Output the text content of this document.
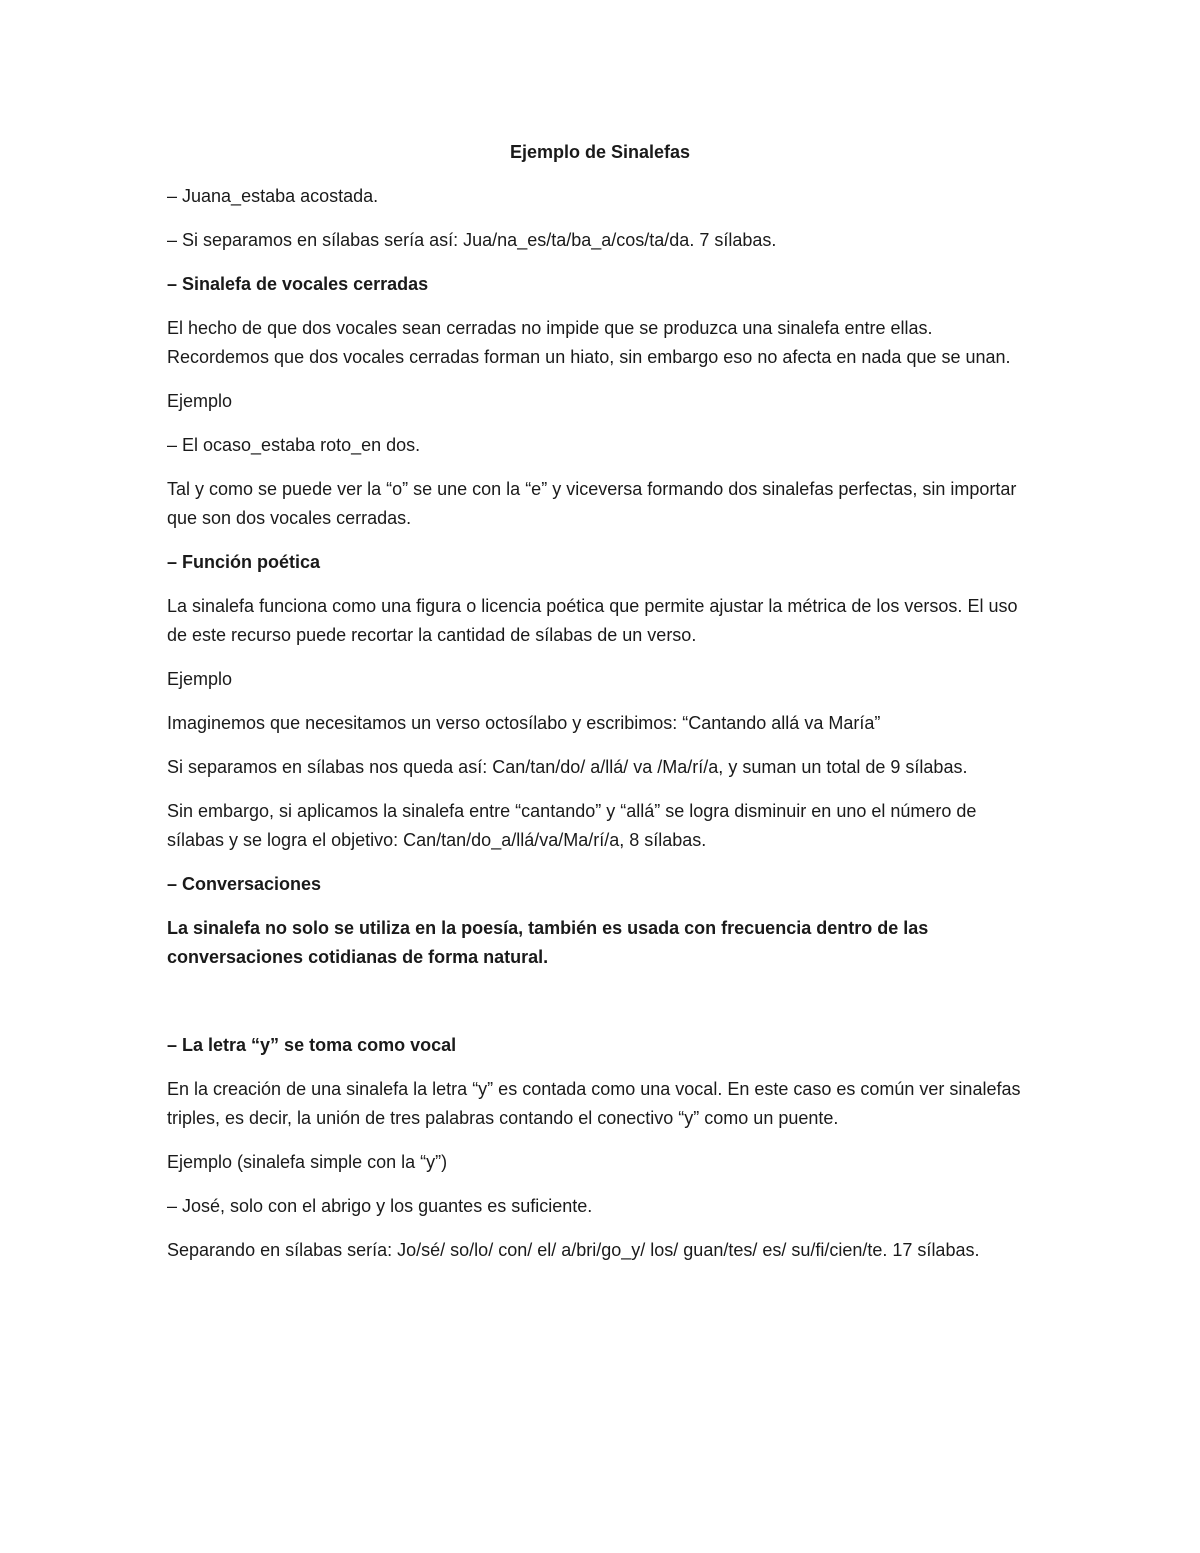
Ejemplo de Sinalefas

– Juana_estaba acostada.

– Si separamos en sílabas sería así: Jua/na_es/ta/ba_a/cos/ta/da. 7 sílabas.

– Sinalefa de vocales cerradas

El hecho de que dos vocales sean cerradas no impide que se produzca una sinalefa entre ellas. Recordemos que dos vocales cerradas forman un hiato, sin embargo eso no afecta en nada que se unan.

Ejemplo

– El ocaso_estaba roto_en dos.

Tal y como se puede ver la “o” se une con la “e” y viceversa formando dos sinalefas perfectas, sin importar que son dos vocales cerradas.

– Función poética

La sinalefa funciona como una figura o licencia poética que permite ajustar la métrica de los versos. El uso de este recurso puede recortar la cantidad de sílabas de un verso.

Ejemplo

Imaginemos que necesitamos un verso octosílabo y escribimos: “Cantando allá va María”

Si separamos en sílabas nos queda así: Can/tan/do/ a/llá/ va /Ma/rí/a, y suman un total de 9 sílabas.

Sin embargo, si aplicamos la sinalefa entre “cantando” y “allá” se logra disminuir en uno el número de sílabas y se logra el objetivo: Can/tan/do_a/llá/va/Ma/rí/a, 8 sílabas.

– Conversaciones

La sinalefa no solo se utiliza en la poesía, también es usada con frecuencia dentro de las conversaciones cotidianas de forma natural.

– La letra “y” se toma como vocal

En la creación de una sinalefa la letra “y” es contada como una vocal. En este caso es común ver sinalefas triples, es decir, la unión de tres palabras contando el conectivo “y” como un puente.

Ejemplo (sinalefa simple con la “y”)

– José, solo con el abrigo y los guantes es suficiente.

Separando en sílabas sería: Jo/sé/ so/lo/ con/ el/ a/bri/go_y/ los/ guan/tes/ es/ su/fi/cien/te. 17 sílabas.
